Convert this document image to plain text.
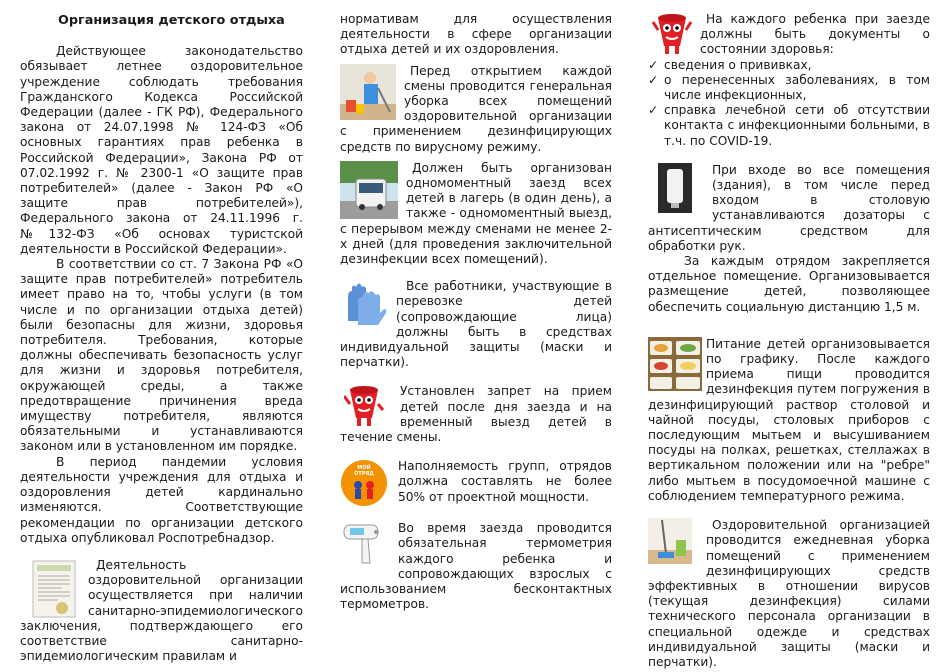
Организация детского отдыха

Действующее законодательство обязывает летнее оздоровительное учреждение соблюдать требования Гражданского Кодекса Российской Федерации (далее - ГК РФ), Федерального закона от 24.07.1998 № 124-ФЗ «Об основных гарантиях прав ребенка в Российской Федерации», Закона РФ от 07.02.1992 г. № 2300-1 «О защите прав потребителей» (далее - Закон РФ «О защите прав потребителей»), Федерального закона от 24.11.1996 г. №132-ФЗ «Об основах туристской деятельности в Российской Федерации».

В соответствии со ст. 7 Закона РФ «О защите прав потребителей» потребитель имеет право на то, чтобы услуги (в том числе и по организации отдыха детей) были безопасны для жизни, здоровья потребителя. Требования, которые должны обеспечивать безопасность услуг для жизни и здоровья потребителя, окружающей среды, а также предотвращение причинения вреда имуществу потребителя, являются обязательными и устанавливаются законом или в установленном им порядке.

В период пандемии условия деятельности учреждения для отдыха и оздоровления детей кардинально изменяются. Соответствующие рекомендации по организации детского отдыха опубликовал Роспотребнадзор.

Деятельность оздоровительной организации осуществляется при наличии санитарно-эпидемиологического заключения, подтверждающего его соответствие санитарно-эпидемиологическим правилам и

нормативам для осуществления деятельности в сфере организации отдыха детей и их оздоровления.

Перед открытием каждой смены проводится генеральная уборка всех помещений оздоровительной организации с применением дезинфицирующих средств по вирусному режиму.

Должен быть организован одномоментный заезд всех детей в лагерь (в один день), а также - одномоментный выезд, с перерывом между сменами не менее 2-х дней (для проведения заключительной дезинфекции всех помещений).

Все работники, участвующие в перевозке детей (сопровождающие лица) должны быть в средствах индивидуальной защиты (маски и перчатки).

Установлен запрет на прием детей после дня заезда и на временный выезд детей в течение смены.

МОЙ ОТРЯД

Наполняемость групп, отрядов должна составлять не более 50% от проектной мощности.

Во время заезда проводится обязательная термометрия каждого ребенка и сопровождающих взрослых с использованием бесконтактных термометров.

На каждого ребенка при заезде должны быть документы о состоянии здоровья:

✓ сведения о прививках,
✓ о перенесенных заболеваниях, в том числе инфекционных,
✓ справка лечебной сети об отсутствии контакта с инфекционными больными, в т.ч. по COVID-19.

При входе во все помещения (здания), в том числе перед входом в столовую устанавливаются дозаторы с антисептическим средством для обработки рук.

За каждым отрядом закрепляется отдельное помещение. Организовывается размещение детей, позволяющее обеспечить социальную дистанцию 1,5 м.

Питание детей организовывается по графику. После каждого приема пищи проводится дезинфекция путем погружения в дезинфицирующий раствор столовой и чайной посуды, столовых приборов с последующим мытьем и высушиванием посуды на полках, решетках, стеллажах в вертикальном положении или на "ребре" либо мытьем в посудомоечной машине с соблюдением температурного режима.

Оздоровительной организацией проводится ежедневная уборка помещений с применением дезинфицирующих средств эффективных в отношении вирусов (текущая дезинфекция) силами технического персонала организации в специальной одежде и средствах индивидуальной защиты (маски и перчатки).
